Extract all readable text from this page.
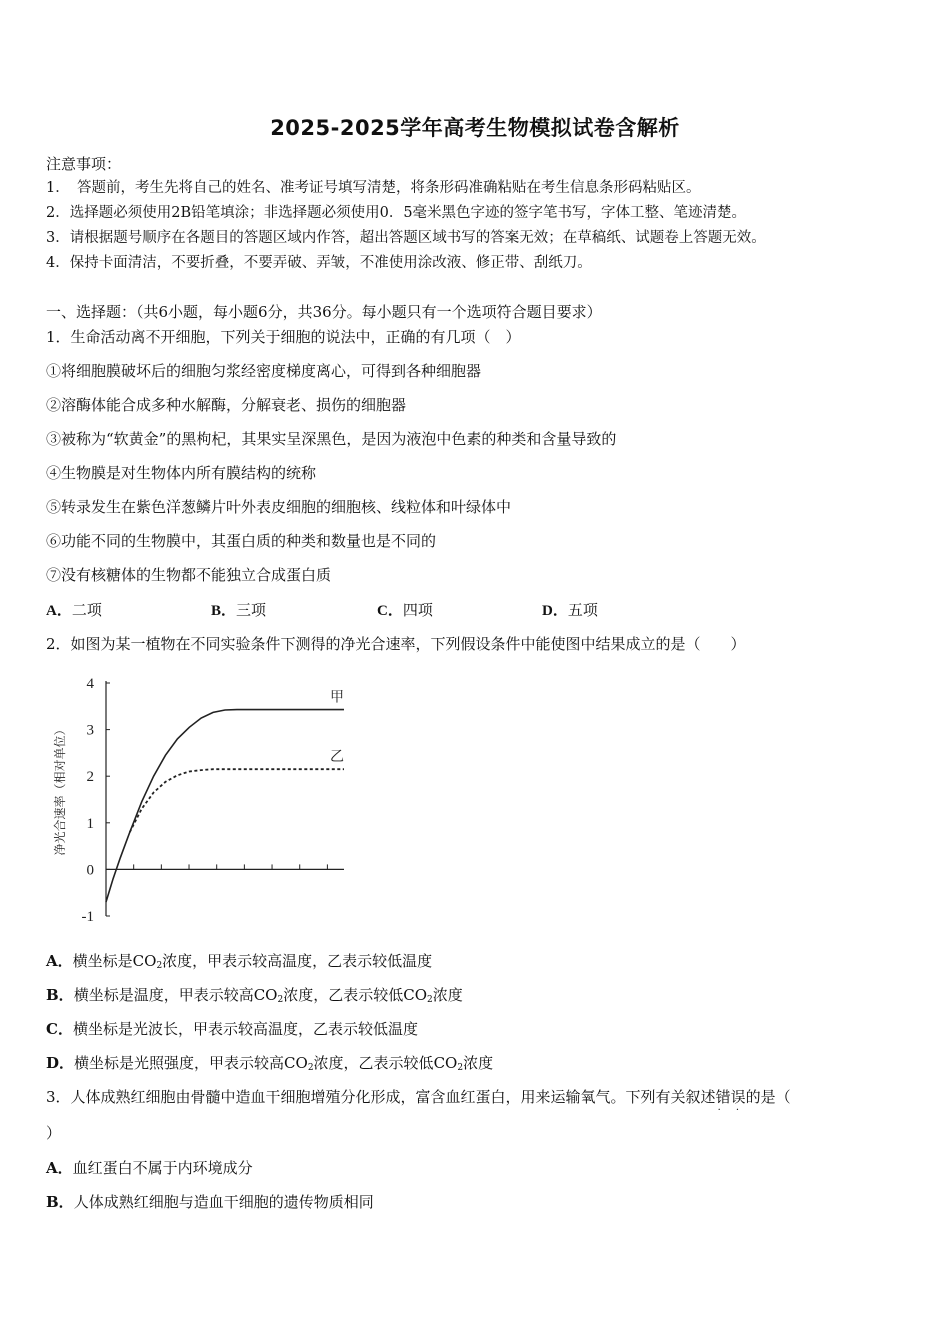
2025-2025学年高考生物模拟试卷含解析
注意事项：
1．　答题前，考生先将自己的姓名、准考证号填写清楚，将条形码准确粘贴在考生信息条形码粘贴区。
2．选择题必须使用2B铅笔填涂；非选择题必须使用0．5毫米黑色字迹的签字笔书写，字体工整、笔迹清楚。
3．请根据题号顺序在各题目的答题区域内作答，超出答题区域书写的答案无效；在草稿纸、试题卷上答题无效。
4．保持卡面清洁，不要折叠，不要弄破、弄皱，不准使用涂改液、修正带、刮纸刀。
一、选择题：（共6小题，每小题6分，共36分。每小题只有一个选项符合题目要求）
1．生命活动离不开细胞，下列关于细胞的说法中，正确的有几项（　）
①将细胞膜破坏后的细胞匀浆经密度梯度离心，可得到各种细胞器
②溶酶体能合成多种水解酶，分解衰老、损伤的细胞器
③被称为“软黄金”的黑枸杞，其果实呈深黑色，是因为液泡中色素的种类和含量导致的
④生物膜是对生物体内所有膜结构的统称
⑤转录发生在紫色洋葱鳞片叶外表皮细胞的细胞核、线粒体和叶绿体中
⑥功能不同的生物膜中，其蛋白质的种类和数量也是不同的
⑦没有核糖体的生物都不能独立合成蛋白质
A．二项	B．三项	C．四项	D．五项
2．如图为某一植物在不同实验条件下测得的净光合速率，下列假设条件中能使图中结果成立的是（　　）
4
3
2
1
0
-1
净光合速率（相对单位）
甲
乙
A．横坐标是$CO_2$浓度，甲表示较高温度，乙表示较低温度
B．横坐标是温度，甲表示较高$CO_2$浓度，乙表示较低$CO_2$浓度
C．横坐标是光波长，甲表示较高温度，乙表示较低温度
D．横坐标是光照强度，甲表示较高$CO_2$浓度，乙表示较低$CO_2$浓度
3．人体成熟红细胞由骨髓中造血干细胞增殖分化形成，富含血红蛋白，用来运输氧气。下列有关叙述错误 · ·的是（
）
A．血红蛋白不属于内环境成分
B．人体成熟红细胞与造血干细胞的遗传物质相同
